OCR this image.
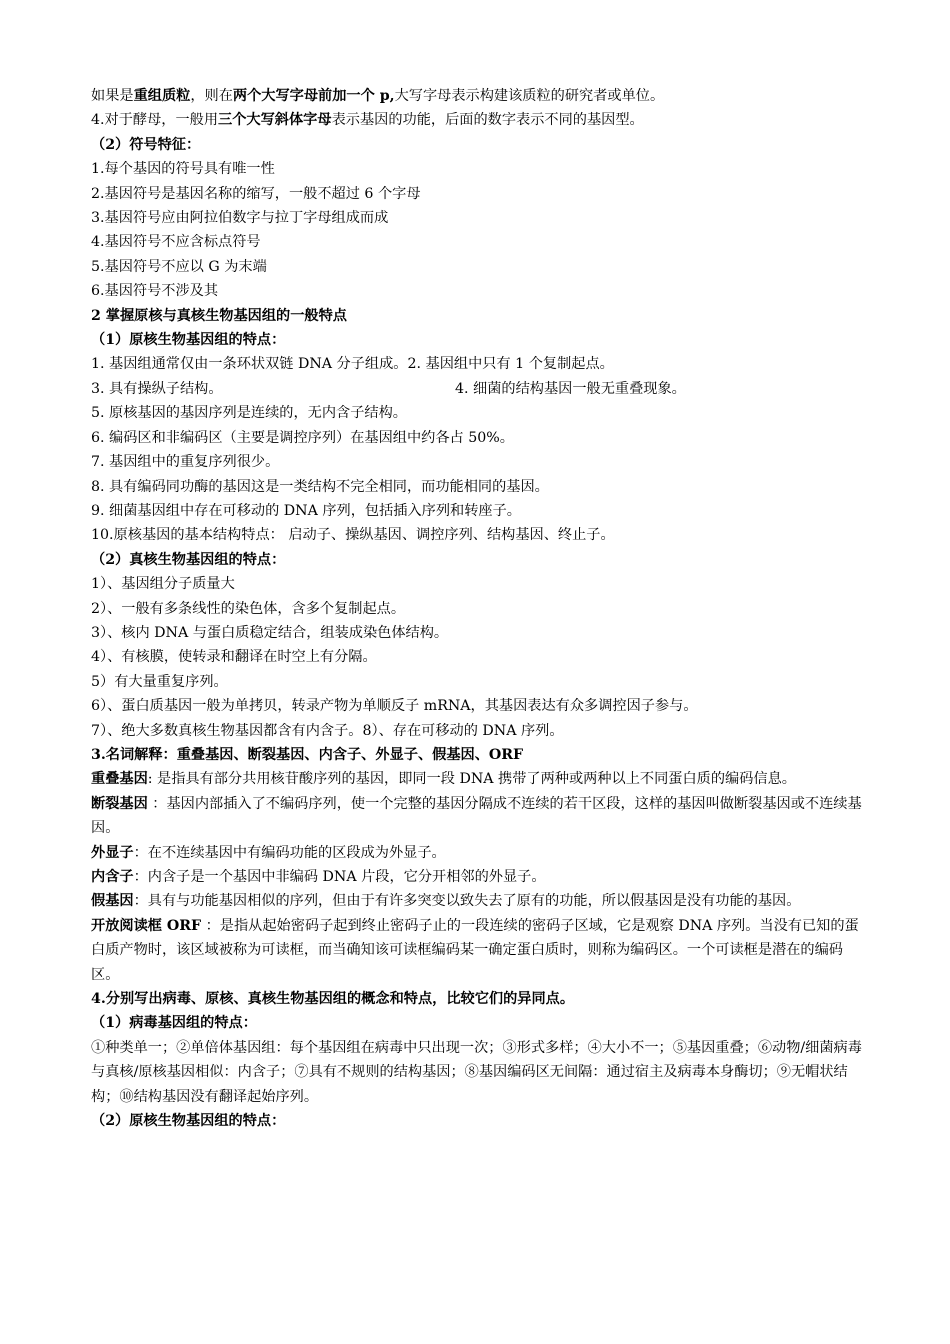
如果是重组质粒，则在两个大写字母前加一个 p,大写字母表示构建该质粒的研究者或单位。

4.对于酵母，一般用三个大写斜体字母表示基因的功能，后面的数字表示不同的基因型。

（2）符号特征：

1.每个基因的符号具有唯一性

2.基因符号是基因名称的缩写，一般不超过 6 个字母

3.基因符号应由阿拉伯数字与拉丁字母组成而成

4.基因符号不应含标点符号

5.基因符号不应以 G 为末端

6.基因符号不涉及其

2 掌握原核与真核生物基因组的一般特点

（1）原核生物基因组的特点：

1. 基因组通常仅由一条环状双链 DNA 分子组成。2. 基因组中只有 1 个复制起点。

3. 具有操纵子结构。	4. 细菌的结构基因一般无重叠现象。

5. 原核基因的基因序列是连续的，无内含子结构。

6. 编码区和非编码区（主要是调控序列）在基因组中约各占 50%。

7. 基因组中的重复序列很少。

8. 具有编码同功酶的基因这是一类结构不完全相同，而功能相同的基因。

9. 细菌基因组中存在可移动的 DNA 序列，包括插入序列和转座子。

10.原核基因的基本结构特点： 启动子、操纵基因、调控序列、结构基因、终止子。

（2）真核生物基因组的特点：

1）、基因组分子质量大

2）、一般有多条线性的染色体，含多个复制起点。

3）、核内 DNA 与蛋白质稳定结合，组装成染色体结构。

4）、有核膜，使转录和翻译在时空上有分隔。

5）有大量重复序列。

6）、蛋白质基因一般为单拷贝，转录产物为单顺反子 mRNA，其基因表达有众多调控因子参与。

7）、绝大多数真核生物基因都含有内含子。8）、存在可移动的 DNA 序列。

3.名词解释：重叠基因、断裂基因、内含子、外显子、假基因、ORF

重叠基因: 是指具有部分共用核苷酸序列的基因，即同一段 DNA 携带了两种或两种以上不同蛋白质的编码信息。

断裂基因 ：基因内部插入了不编码序列，使一个完整的基因分隔成不连续的若干区段，这样的基因叫做断裂基因或不连续基因。

外显子：在不连续基因中有编码功能的区段成为外显子。

内含子：内含子是一个基因中非编码 DNA 片段，它分开相邻的外显子。

假基因：具有与功能基因相似的序列，但由于有许多突变以致失去了原有的功能，所以假基因是没有功能的基因。

开放阅读框 ORF ：是指从起始密码子起到终止密码子止的一段连续的密码子区域，它是观察 DNA 序列。当没有已知的蛋白质产物时，该区域被称为可读框，而当确知该可读框编码某一确定蛋白质时，则称为编码区。一个可读框是潜在的编码区。

4.分别写出病毒、原核、真核生物基因组的概念和特点，比较它们的异同点。

（1）病毒基因组的特点：

①种类单一；②单倍体基因组：每个基因组在病毒中只出现一次；③形式多样；④大小不一；⑤基因重叠；⑥动物/细菌病毒与真核/原核基因相似：内含子；⑦具有不规则的结构基因；⑧基因编码区无间隔：通过宿主及病毒本身酶切；⑨无帽状结构；⑩结构基因没有翻译起始序列。

（2）原核生物基因组的特点：
